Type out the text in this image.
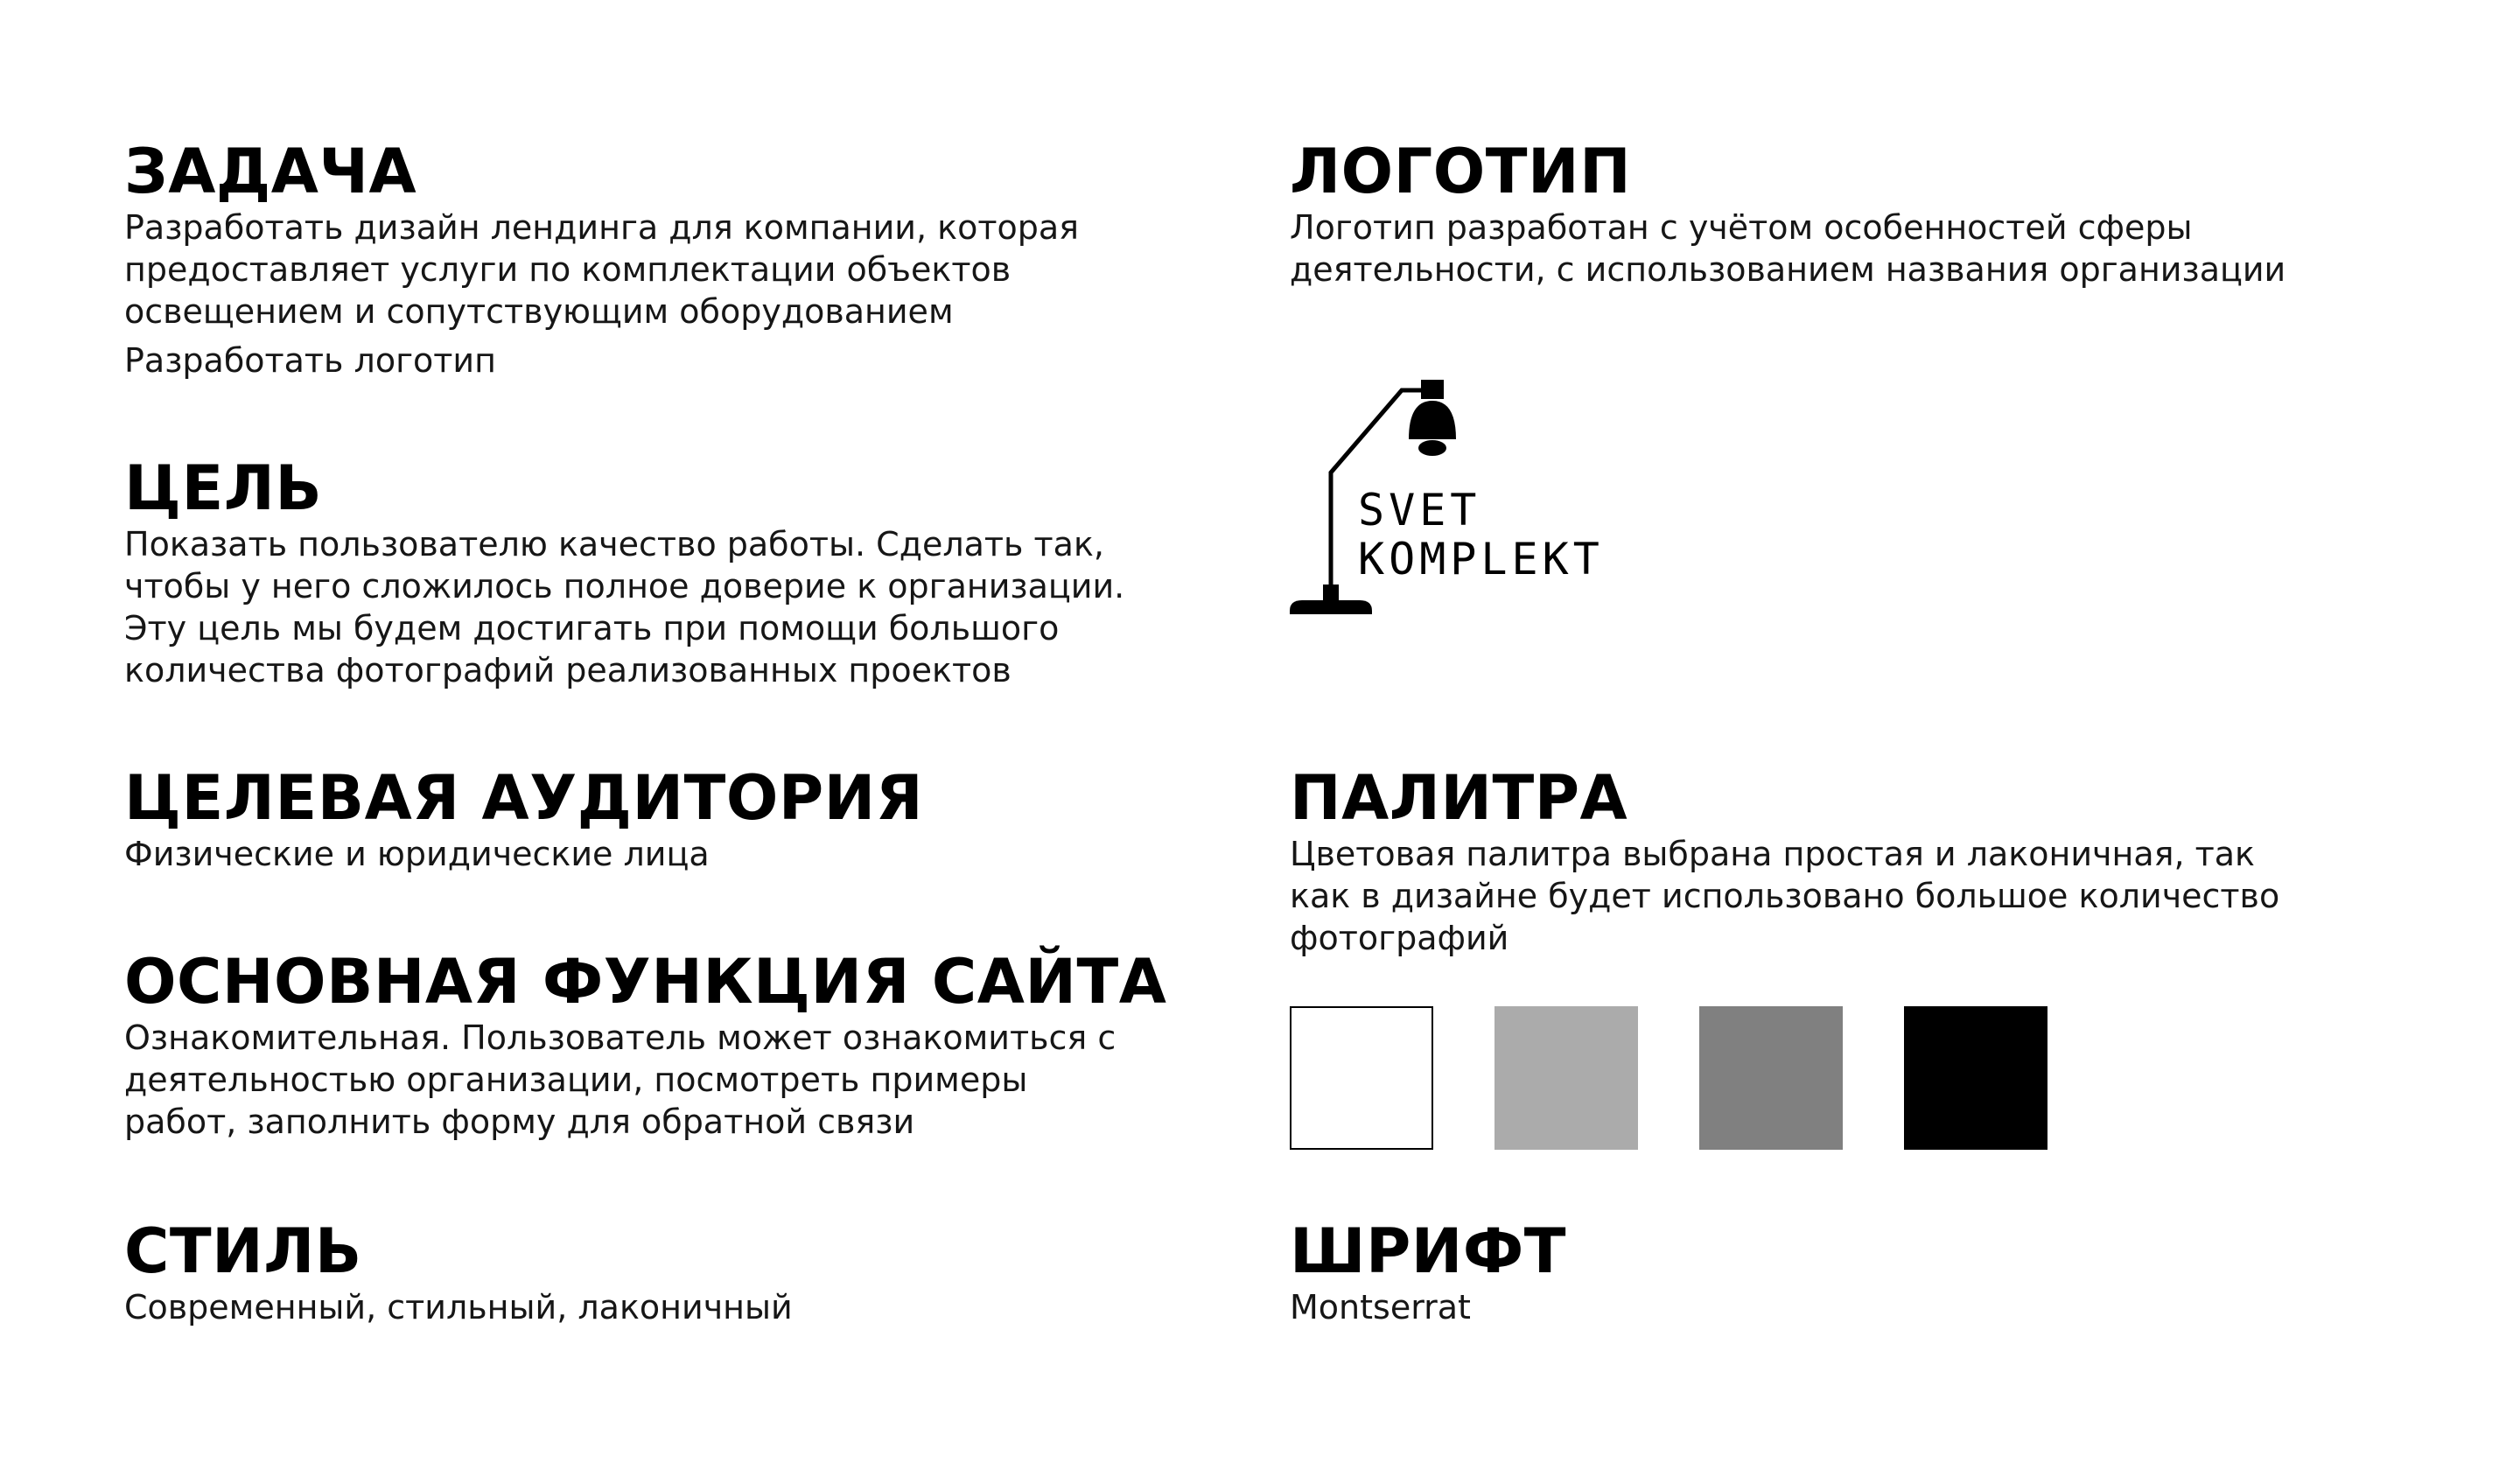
ЗАДАЧА

Разработать дизайн лендинга для компании, которая
предоставляет услуги по комплектации объектов
освещением и сопутствующим оборудованием

Разработать логотип

ЦЕЛЬ

Показать пользователю качество работы. Сделать так,
чтобы у него сложилось полное доверие к организации.
Эту цель мы будем достигать при помощи большого
количества фотографий реализованных проектов

ЦЕЛЕВАЯ АУДИТОРИЯ

Физические и юридические лица

ОСНОВНАЯ ФУНКЦИЯ САЙТА

Ознакомительная. Пользователь может ознакомиться с
деятельностью организации, посмотреть примеры
работ, заполнить форму для обратной связи

СТИЛЬ

Современный, стильный, лаконичный

ЛОГОТИП

Логотип разработан с учётом особенностей сферы
деятельности, с использованием названия организации

SVET
KOMPLEKT
ПАЛИТРА

Цветовая палитра выбрана простая и лаконичная, так
как в дизайне будет использовано большое количество
фотографий

ШРИФТ

Montserrat
